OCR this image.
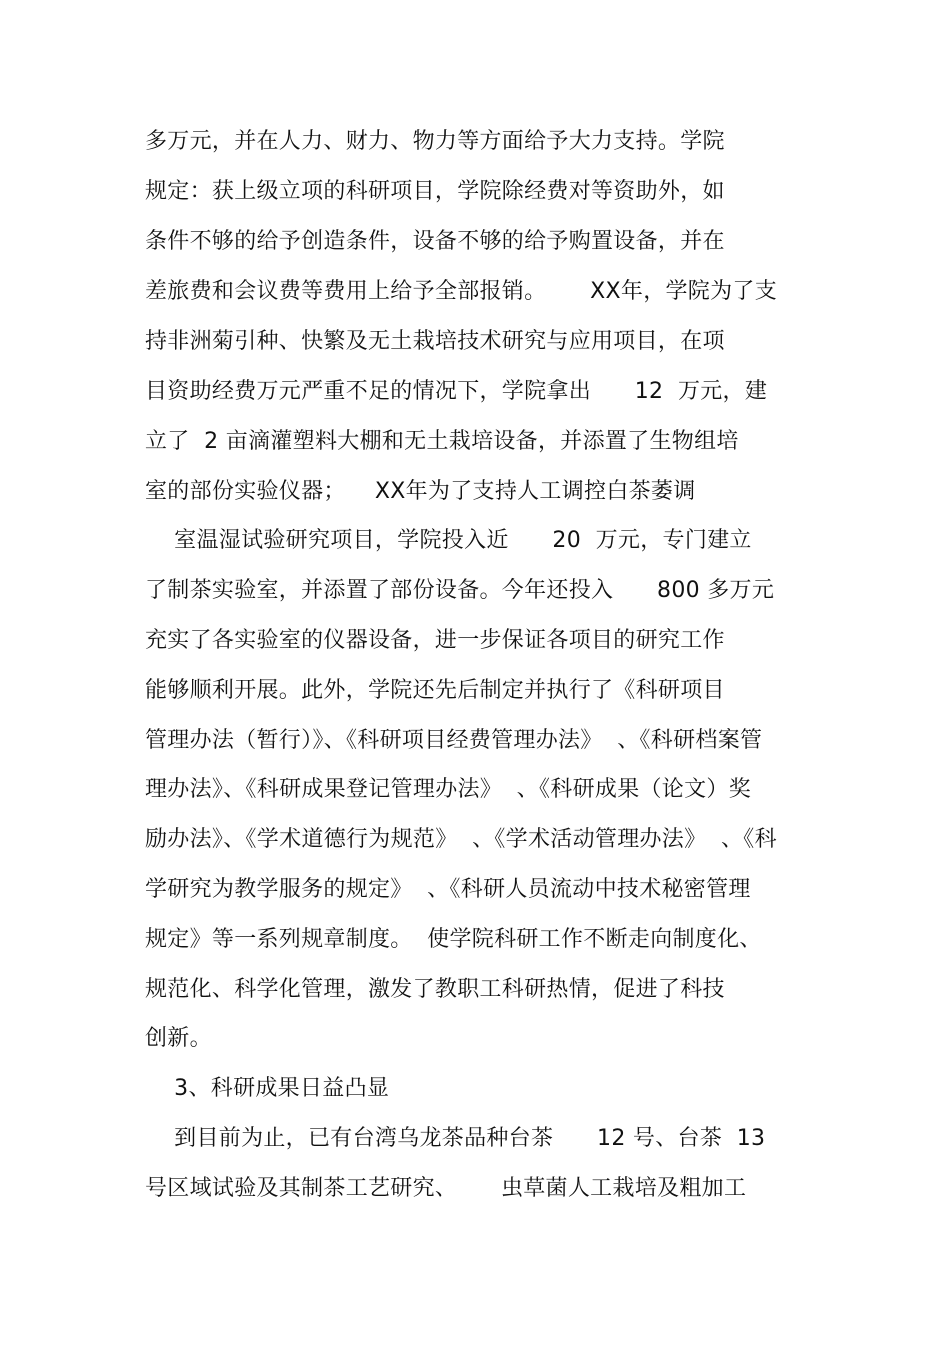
多万元，并在人力、财力、物力等方面给予大力支持。学院
规定：获上级立项的科研项目，学院除经费对等资助外，如
条件不够的给予创造条件，设备不够的给予购置设备，并在
差旅费和会议费等费用上给予全部报销。      XX年，学院为了支
持非洲菊引种、快繁及无土栽培技术研究与应用项目，在项
目资助经费万元严重不足的情况下，学院拿出      12  万元，建
立了  2 亩滴灌塑料大棚和无土栽培设备，并添置了生物组培
室的部份实验仪器；    XX年为了支持人工调控白茶萎调
室温湿试验研究项目，学院投入近      20  万元，专门建立
了制茶实验室，并添置了部份设备。今年还投入      800 多万元
充实了各实验室的仪器设备，进一步保证各项目的研究工作
能够顺利开展。此外，学院还先后制定并执行了《科研项目
管理办法（暂行）》、《科研项目经费管理办法》  、《科研档案管
理办法》、《科研成果登记管理办法》  、《科研成果（论文）奖
励办法》、《学术道德行为规范》  、《学术活动管理办法》  、《科
学研究为教学服务的规定》  、《科研人员流动中技术秘密管理
规定》等一系列规章制度。  使学院科研工作不断走向制度化、
规范化、科学化管理，激发了教职工科研热情，促进了科技
创新。
3、科研成果日益凸显
到目前为止，已有台湾乌龙茶品种台茶      12 号、台茶  13
号区域试验及其制茶工艺研究、      虫草菌人工栽培及粗加工
